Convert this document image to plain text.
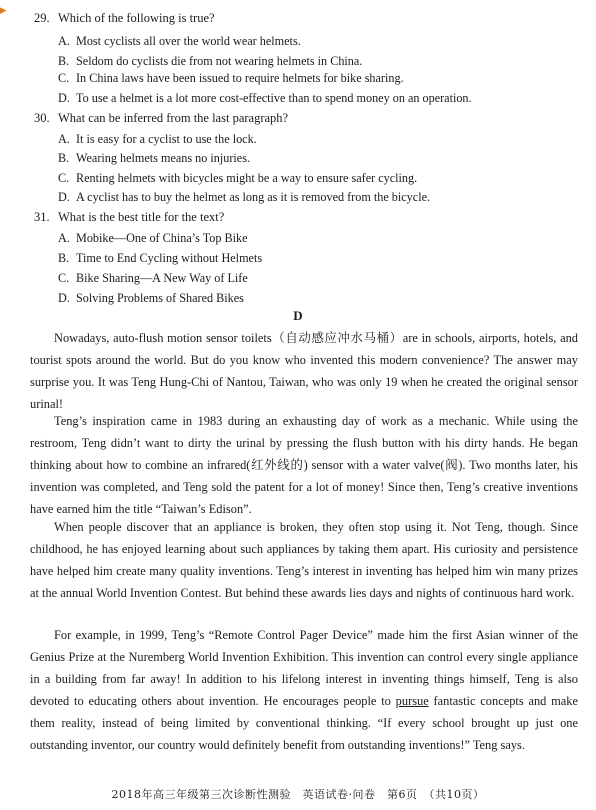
▸ 29. Which of the following is true?
A. Most cyclists all over the world wear helmets.
B. Seldom do cyclists die from not wearing helmets in China.
C. In China laws have been issued to require helmets for bike sharing.
D. To use a helmet is a lot more cost-effective than to spend money on an operation.
30. What can be inferred from the last paragraph?
A. It is easy for a cyclist to use the lock.
B. Wearing helmets means no injuries.
C. Renting helmets with bicycles might be a way to ensure safer cycling.
D. A cyclist has to buy the helmet as long as it is removed from the bicycle.
31. What is the best title for the text?
A. Mobike—One of China’s Top Bike
B. Time to End Cycling without Helmets
C. Bike Sharing—A New Way of Life
D. Solving Problems of Shared Bikes
D

Nowadays, auto-flush motion sensor toilets（自动感应冲水马桶）are in schools, airports, hotels, and tourist spots around the world. But do you know who invented this modern convenience? The answer may surprise you. It was Teng Hung-Chi of Nantou, Taiwan, who was only 19 when he created the original sensor urinal!

Teng’s inspiration came in 1983 during an exhausting day of work as a mechanic. While using the restroom, Teng didn’t want to dirty the urinal by pressing the flush button with his dirty hands. He began thinking about how to combine an infrared(红外线的) sensor with a water valve(阀). Two months later, his invention was completed, and Teng sold the patent for a lot of money! Since then, Teng’s creative inventions have earned him the title “Taiwan’s Edison”.

When people discover that an appliance is broken, they often stop using it. Not Teng, though. Since childhood, he has enjoyed learning about such appliances by taking them apart. His curiosity and persistence have helped him create many quality inventions. Teng’s interest in inventing has helped him win many prizes at the annual World Invention Contest. But behind these awards lies days and nights of continuous hard work.

For example, in 1999, Teng’s “Remote Control Pager Device” made him the first Asian winner of the Genius Prize at the Nuremberg World Invention Exhibition. This invention can control every single appliance in a building from far away! In addition to his lifelong interest in inventing things himself, Teng is also devoted to educating others about invention. He encourages people to pursue fantastic concepts and make them reality, instead of being limited by conventional thinking. “If every school brought up just one outstanding inventor, our country would definitely benefit from outstanding inventions!” Teng says.

2018年高三年级第三次诊断性测验　英语试卷·问卷　第6页　（共10页）
